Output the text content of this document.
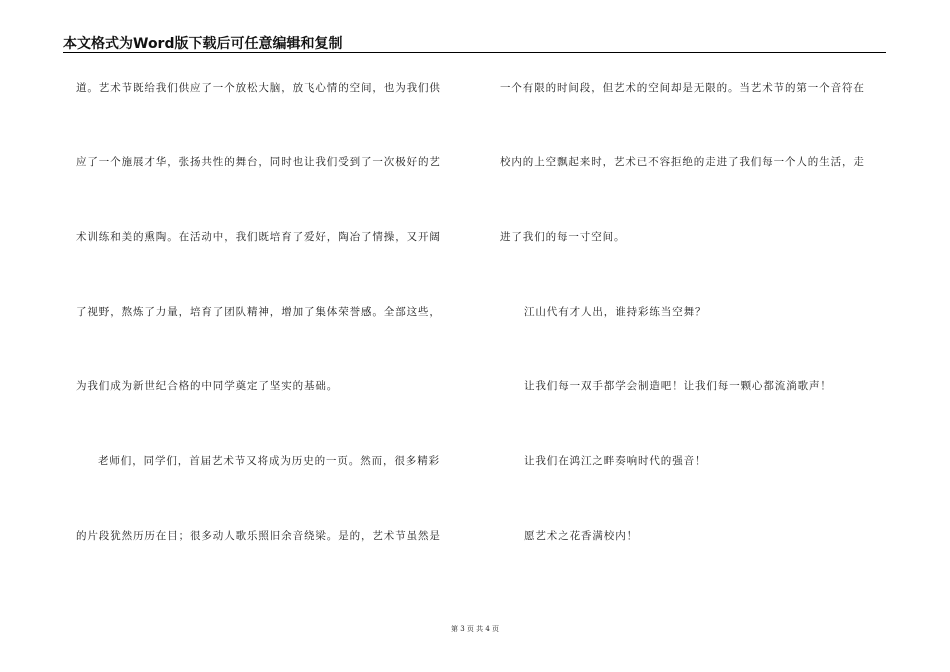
本文格式为Word版下载后可任意编辑和复制
道。艺术节既给我们供应了一个放松大脑，放飞心情的空间，也为我们供
应了一个施展才华，张扬共性的舞台，同时也让我们受到了一次极好的艺
术训练和美的熏陶。在活动中，我们既培育了爱好，陶冶了情操，又开阔
了视野，熬炼了力量，培育了团队精神，增加了集体荣誉感。全部这些，
为我们成为新世纪合格的中同学奠定了坚实的基础。
老师们，同学们，首届艺术节又将成为历史的一页。然而，很多精彩
的片段犹然历历在目；很多动人歌乐照旧余音绕梁。是的，艺术节虽然是
一个有限的时间段，但艺术的空间却是无限的。当艺术节的第一个音符在
校内的上空飘起来时，艺术已不容拒绝的走进了我们每一个人的生活，走
进了我们的每一寸空间。
江山代有才人出，谁持彩练当空舞？
让我们每一双手都学会制造吧！让我们每一颗心都流淌歌声！
让我们在鸿江之畔奏响时代的强音！
愿艺术之花香满校内！
第 3 页 共 4 页
